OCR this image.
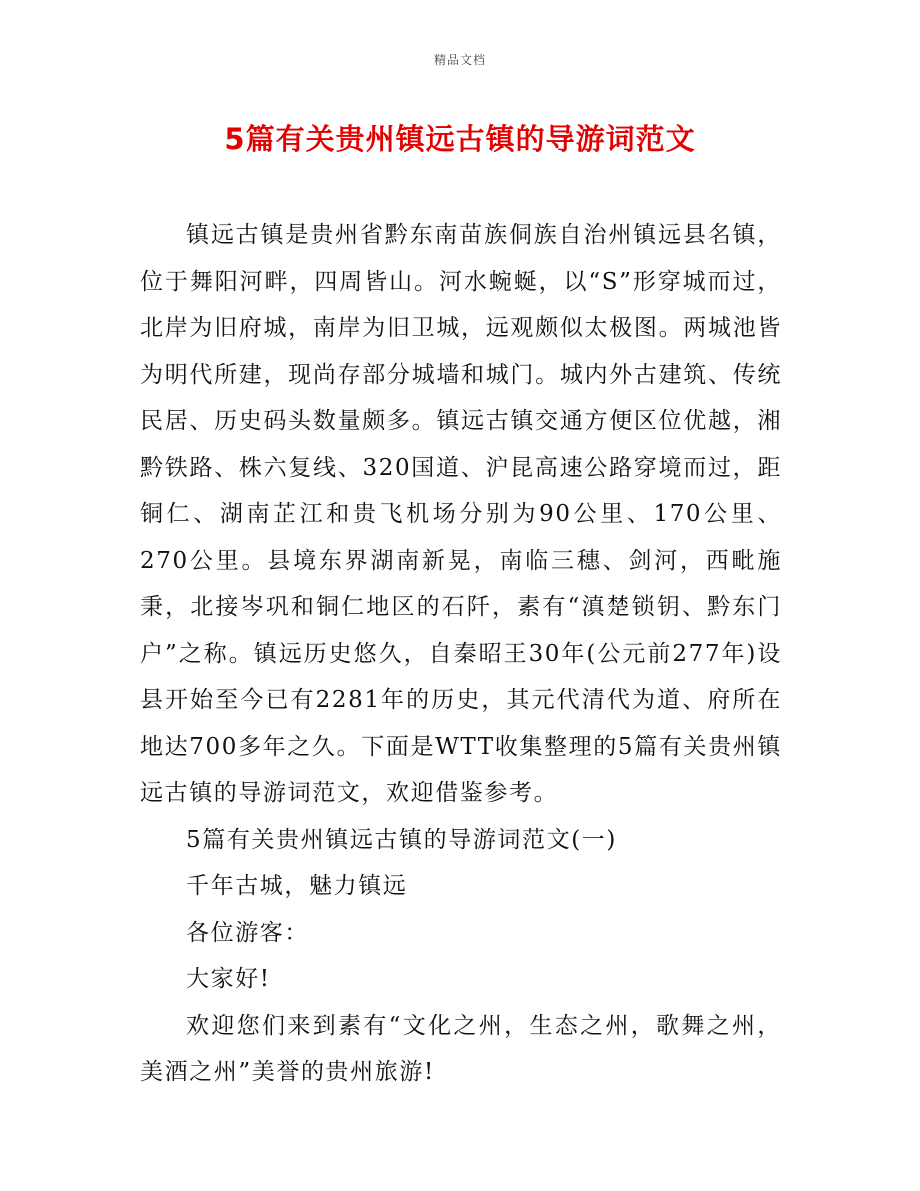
精品文档
5篇有关贵州镇远古镇的导游词范文

镇远古镇是贵州省黔东南苗族侗族自治州镇远县名镇，位于舞阳河畔，四周皆山。河水蜿蜒，以“S”形穿城而过，北岸为旧府城，南岸为旧卫城，远观颇似太极图。两城池皆为明代所建，现尚存部分城墙和城门。城内外古建筑、传统民居、历史码头数量颇多。镇远古镇交通方便区位优越，湘黔铁路、株六复线、320国道、沪昆高速公路穿境而过，距铜仁、湖南芷江和贵飞机场分别为90公里、170公里、270公里。县境东界湖南新晃，南临三穗、剑河，西毗施秉，北接岑巩和铜仁地区的石阡，素有“滇楚锁钥、黔东门户”之称。镇远历史悠久，自秦昭王30年(公元前277年)设县开始至今已有2281年的历史，其元代清代为道、府所在地达700多年之久。下面是WTT收集整理的5篇有关贵州镇远古镇的导游词范文，欢迎借鉴参考。

5篇有关贵州镇远古镇的导游词范文(一)

千年古城，魅力镇远

各位游客：

大家好!

欢迎您们来到素有“文化之州，生态之州，歌舞之州，美酒之州”美誉的贵州旅游!
